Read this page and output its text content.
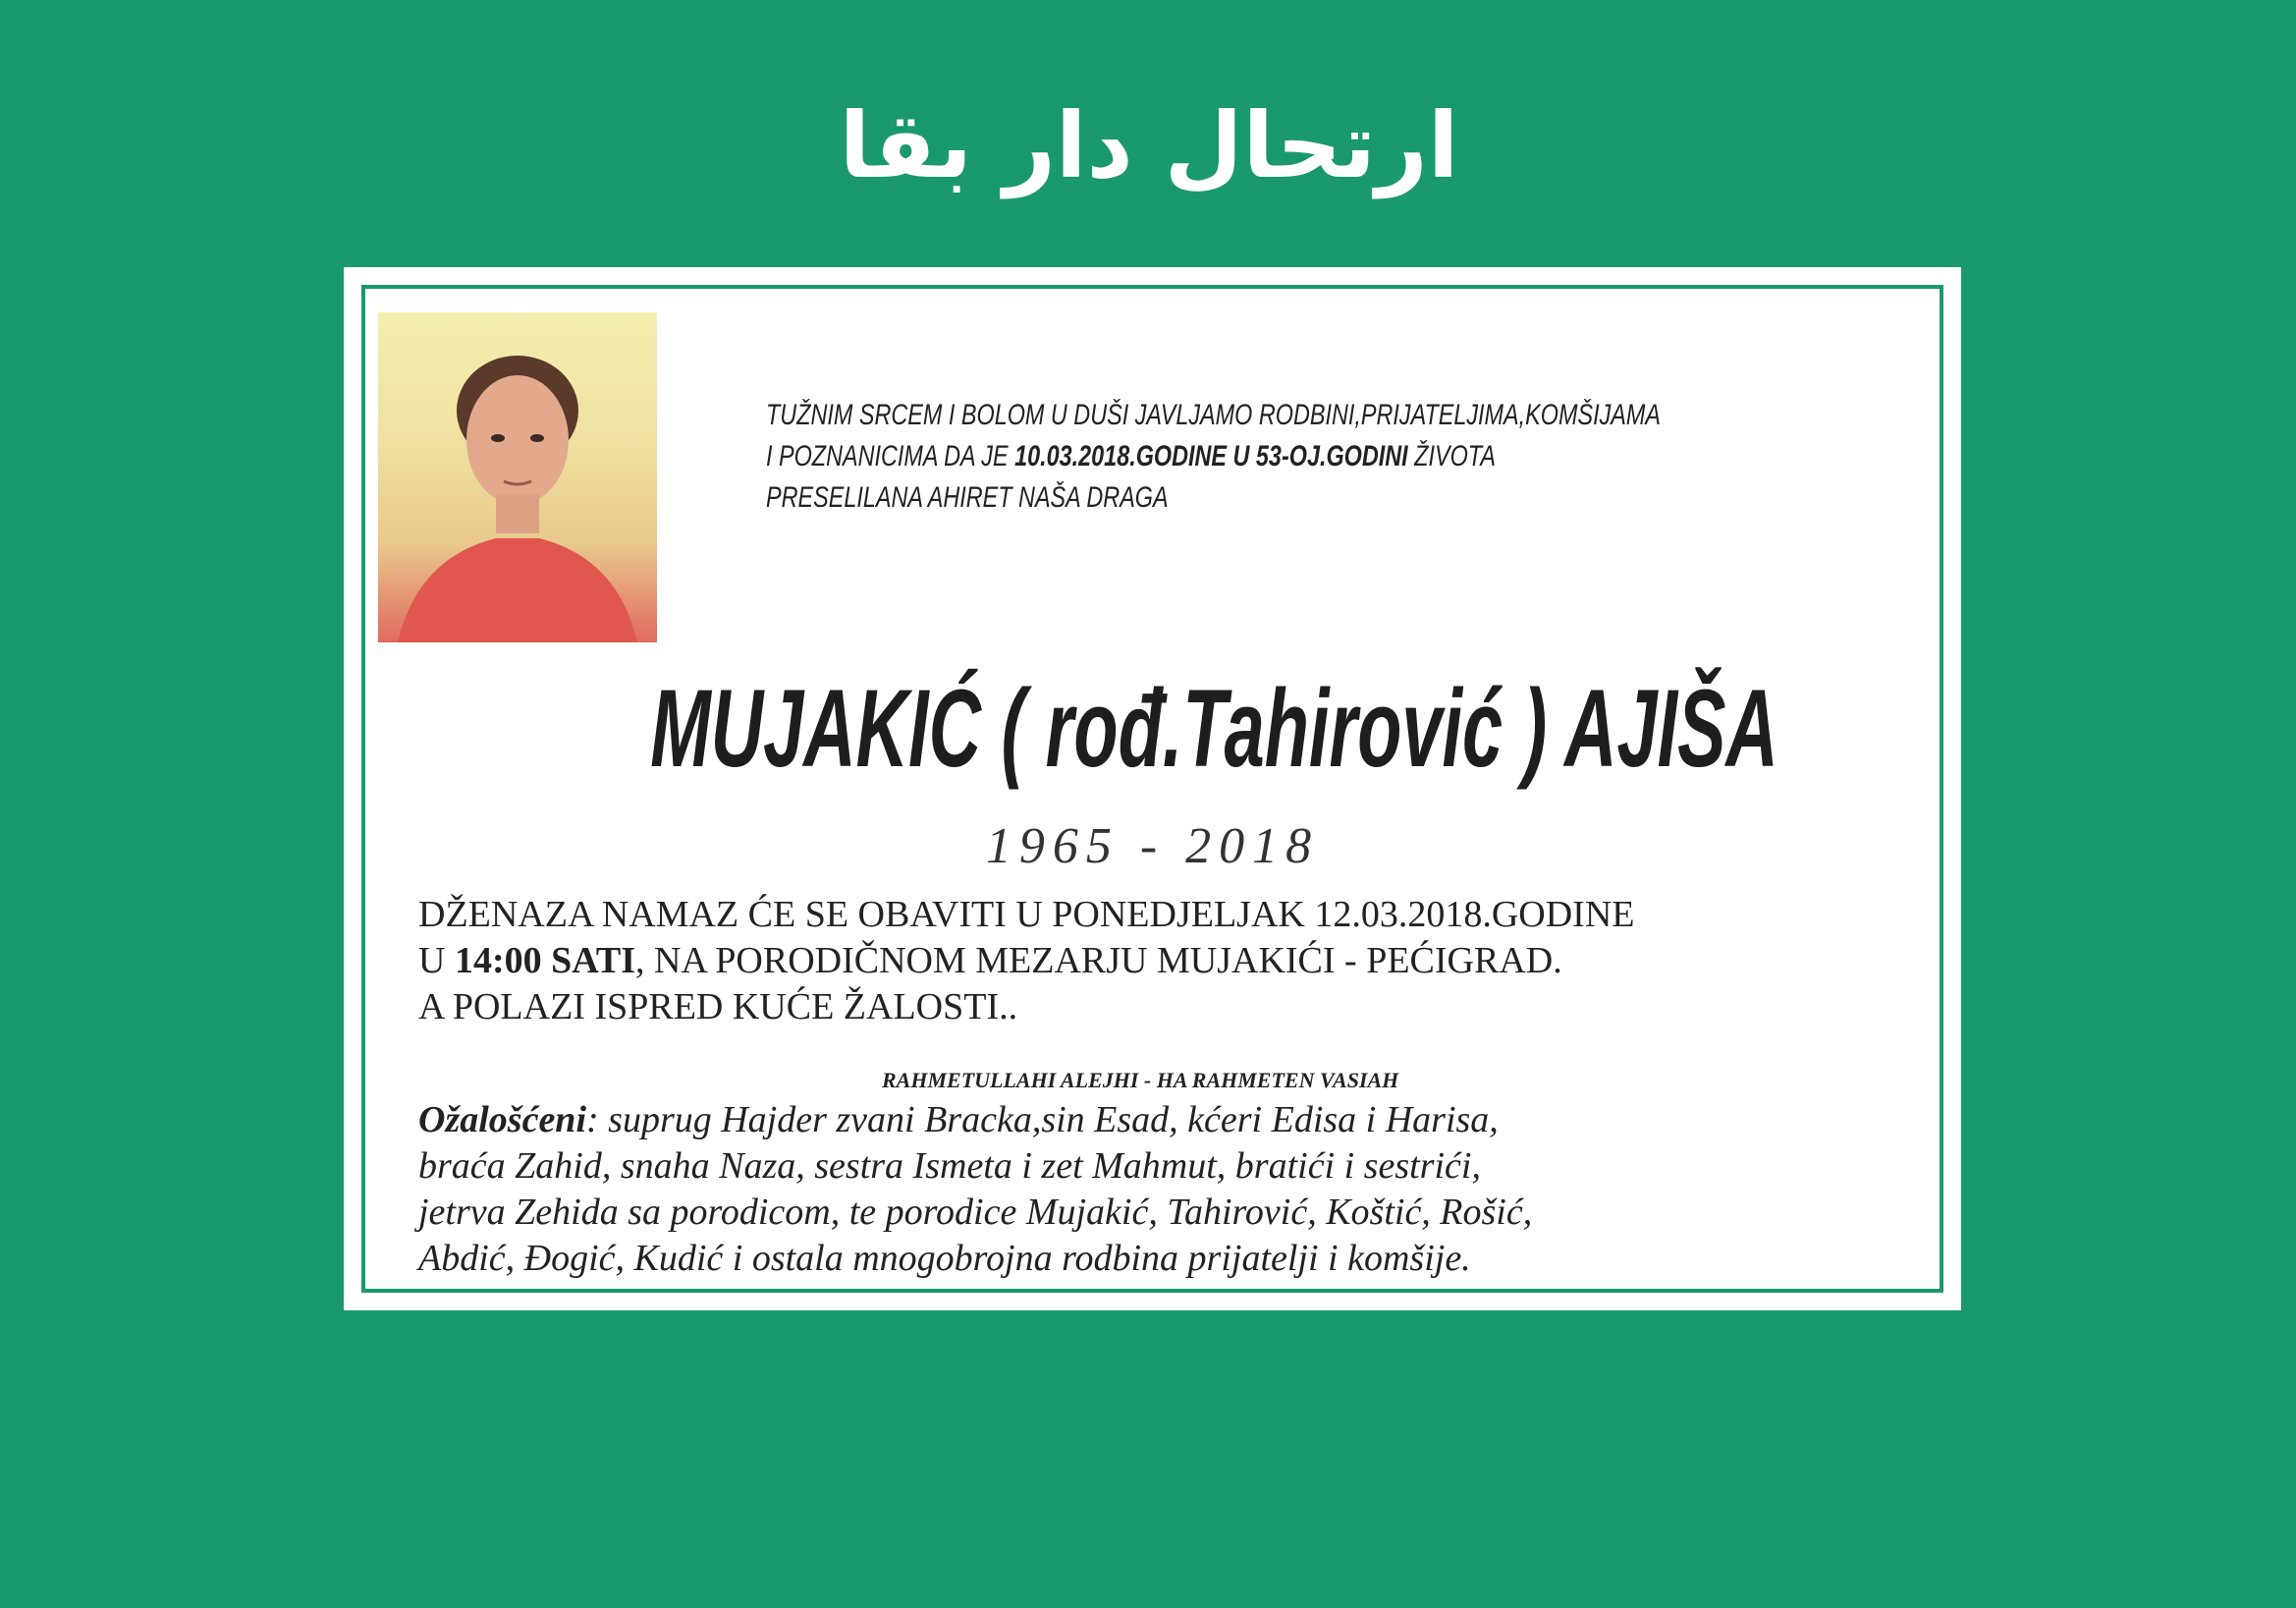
ارتحال دار بقا
TUŽNIM SRCEM I BOLOM U DUŠI JAVLJAMO RODBINI,PRIJATELJIMA,KOMŠIJAMA
I POZNANICIMA DA JE 10.03.2018.GODINE U 53-OJ.GODINI ŽIVOTA
PRESELILANA AHIRET NAŠA DRAGA
MUJAKIĆ ( rođ.Tahirović ) AJIŠA
1965 - 2018
DŽENAZA NAMAZ ĆE SE OBAVITI U PONEDJELJAK 12.03.2018.GODINE
U 14:00 SATI, NA PORODIČNOM MEZARJU MUJAKIĆI - PEĆIGRAD.
A POLAZI ISPRED KUĆE ŽALOSTI..
RAHMETULLAHI ALEJHI - HA RAHMETEN VASIAH
Ožalošćeni: suprug Hajder zvani Bracka,sin Esad, kćeri Edisa i Harisa,
braća Zahid, snaha Naza, sestra Ismeta i zet Mahmut, bratići i sestrići,
jetrva Zehida sa porodicom, te porodice Mujakić, Tahirović, Koštić, Rošić,
Abdić, Đogić, Kudić i ostala mnogobrojna rodbina prijatelji i komšije.
